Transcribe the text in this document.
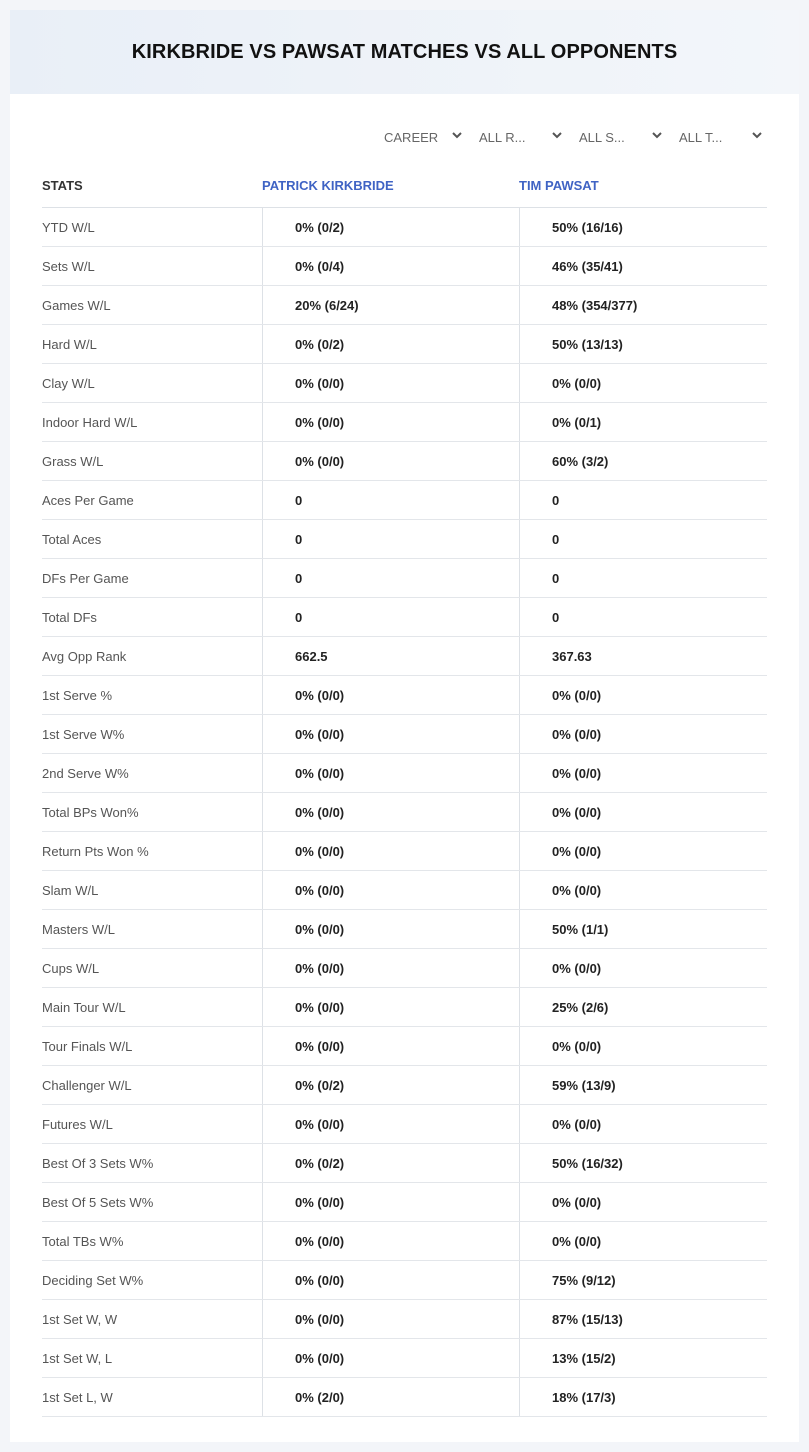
KIRKBRIDE VS PAWSAT MATCHES VS ALL OPPONENTS
CAREER	ALL R...	ALL S...	ALL T...
STATS	PATRICK KIRKBRIDE	TIM PAWSAT
YTD W/L	0% (0/2)	50% (16/16)
Sets W/L	0% (0/4)	46% (35/41)
Games W/L	20% (6/24)	48% (354/377)
Hard W/L	0% (0/2)	50% (13/13)
Clay W/L	0% (0/0)	0% (0/0)
Indoor Hard W/L	0% (0/0)	0% (0/1)
Grass W/L	0% (0/0)	60% (3/2)
Aces Per Game	0	0
Total Aces	0	0
DFs Per Game	0	0
Total DFs	0	0
Avg Opp Rank	662.5	367.63
1st Serve %	0% (0/0)	0% (0/0)
1st Serve W%	0% (0/0)	0% (0/0)
2nd Serve W%	0% (0/0)	0% (0/0)
Total BPs Won%	0% (0/0)	0% (0/0)
Return Pts Won %	0% (0/0)	0% (0/0)
Slam W/L	0% (0/0)	0% (0/0)
Masters W/L	0% (0/0)	50% (1/1)
Cups W/L	0% (0/0)	0% (0/0)
Main Tour W/L	0% (0/0)	25% (2/6)
Tour Finals W/L	0% (0/0)	0% (0/0)
Challenger W/L	0% (0/2)	59% (13/9)
Futures W/L	0% (0/0)	0% (0/0)
Best Of 3 Sets W%	0% (0/2)	50% (16/32)
Best Of 5 Sets W%	0% (0/0)	0% (0/0)
Total TBs W%	0% (0/0)	0% (0/0)
Deciding Set W%	0% (0/0)	75% (9/12)
1st Set W, W	0% (0/0)	87% (15/13)
1st Set W, L	0% (0/0)	13% (15/2)
1st Set L, W	0% (2/0)	18% (17/3)
